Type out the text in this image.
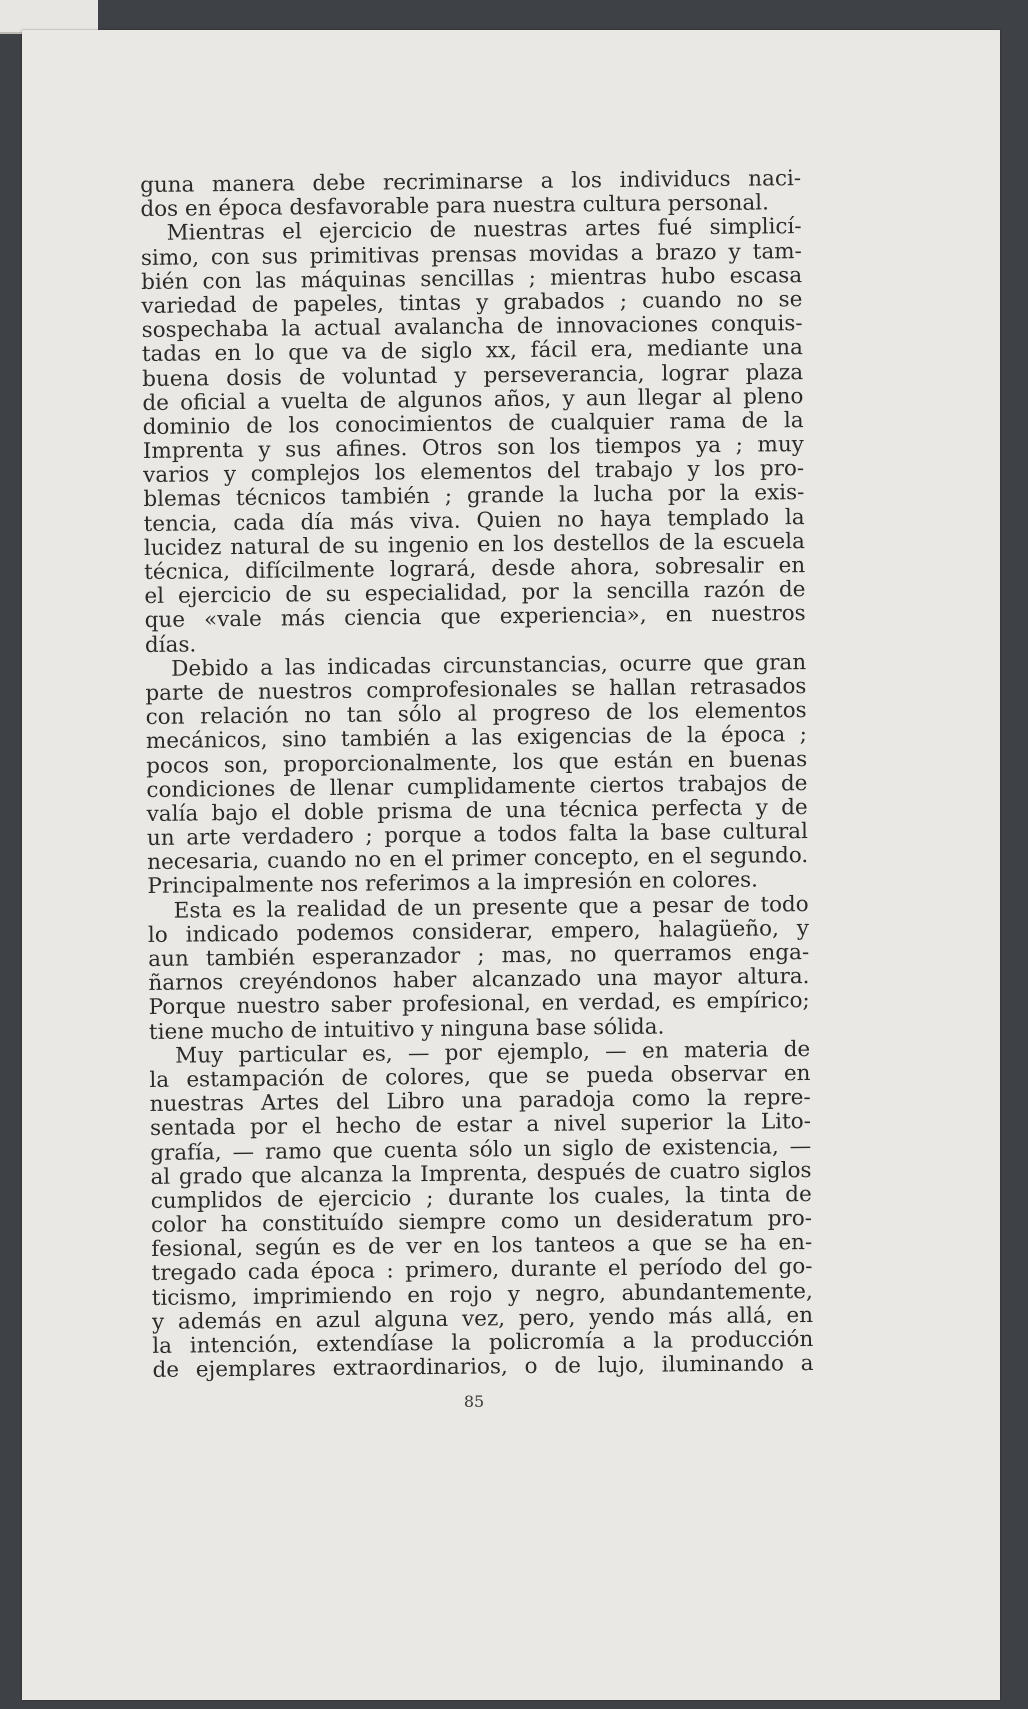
guna manera debe recriminarse a los individucs naci-
dos en época desfavorable para nuestra cultura personal.
Mientras el ejercicio de nuestras artes fué simplicí-
simo, con sus primitivas prensas movidas a brazo y tam-
bién con las máquinas sencillas ; mientras hubo escasa
variedad de papeles, tintas y grabados ; cuando no se
sospechaba la actual avalancha de innovaciones conquis-
tadas en lo que va de siglo xx, fácil era, mediante una
buena dosis de voluntad y perseverancia, lograr plaza
de oficial a vuelta de algunos años, y aun llegar al pleno
dominio de los conocimientos de cualquier rama de la
Imprenta y sus afines. Otros son los tiempos ya ; muy
varios y complejos los elementos del trabajo y los pro-
blemas técnicos también ; grande la lucha por la exis-
tencia, cada día más viva. Quien no haya templado la
lucidez natural de su ingenio en los destellos de la escuela
técnica, difícilmente logrará, desde ahora, sobresalir en
el ejercicio de su especialidad, por la sencilla razón de
que «vale más ciencia que experiencia», en nuestros
días.
Debido a las indicadas circunstancias, ocurre que gran
parte de nuestros comprofesionales se hallan retrasados
con relación no tan sólo al progreso de los elementos
mecánicos, sino también a las exigencias de la época ;
pocos son, proporcionalmente, los que están en buenas
condiciones de llenar cumplidamente ciertos trabajos de
valía bajo el doble prisma de una técnica perfecta y de
un arte verdadero ; porque a todos falta la base cultural
necesaria, cuando no en el primer concepto, en el segundo.
Principalmente nos referimos a la impresión en colores.
Esta es la realidad de un presente que a pesar de todo
lo indicado podemos considerar, empero, halagüeño, y
aun también esperanzador ; mas, no querramos enga-
ñarnos creyéndonos haber alcanzado una mayor altura.
Porque nuestro saber profesional, en verdad, es empírico;
tiene mucho de intuitivo y ninguna base sólida.
Muy particular es, — por ejemplo, — en materia de
la estampación de colores, que se pueda observar en
nuestras Artes del Libro una paradoja como la repre-
sentada por el hecho de estar a nivel superior la Lito-
grafía, — ramo que cuenta sólo un siglo de existencia, —
al grado que alcanza la Imprenta, después de cuatro siglos
cumplidos de ejercicio ; durante los cuales, la tinta de
color ha constituído siempre como un desideratum pro-
fesional, según es de ver en los tanteos a que se ha en-
tregado cada época : primero, durante el período del go-
ticismo, imprimiendo en rojo y negro, abundantemente,
y además en azul alguna vez, pero, yendo más allá, en
la intención, extendíase la policromía a la producción
de ejemplares extraordinarios, o de lujo, iluminando a
85
